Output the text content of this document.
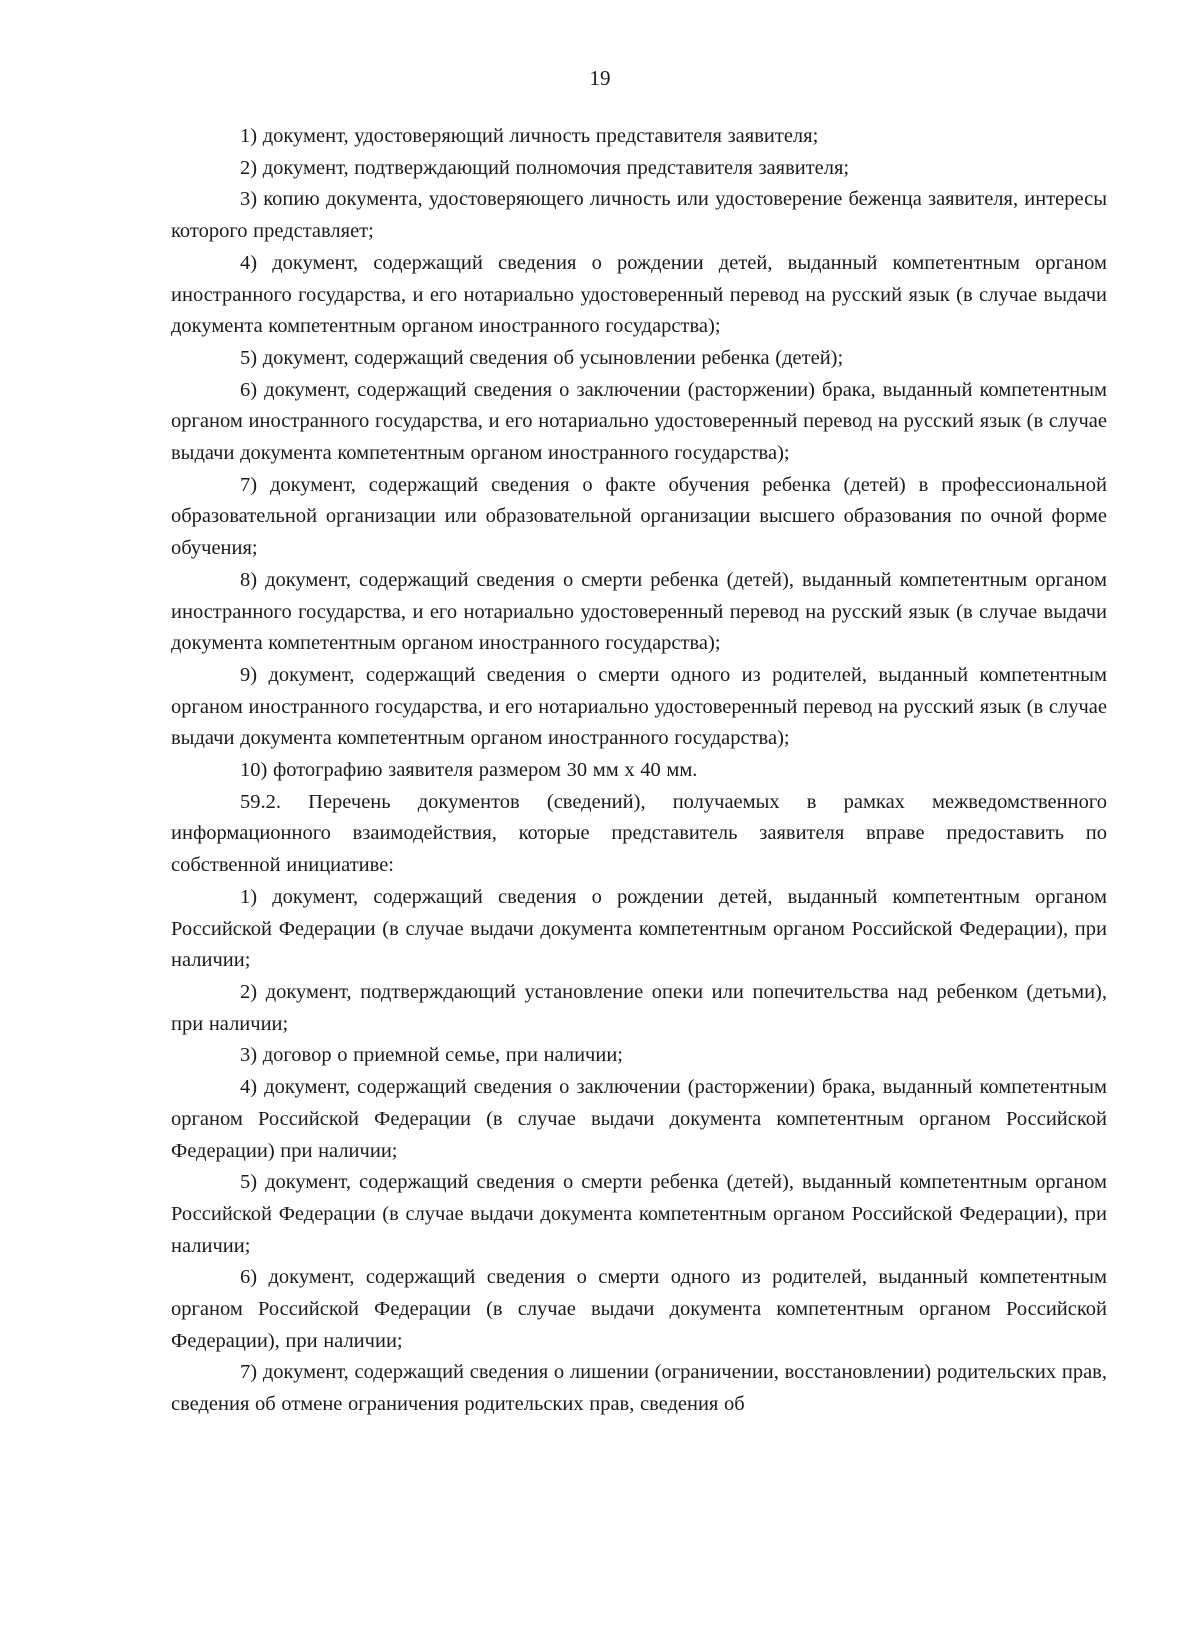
19

1) документ, удостоверяющий личность представителя заявителя;

2) документ, подтверждающий полномочия представителя заявителя;

3) копию документа, удостоверяющего личность или удостоверение беженца заявителя, интересы которого представляет;

4) документ, содержащий сведения о рождении детей, выданный компетентным органом иностранного государства, и его нотариально удостоверенный перевод на русский язык (в случае выдачи документа компетентным органом иностранного государства);

5) документ, содержащий сведения об усыновлении ребенка (детей);

6) документ, содержащий сведения о заключении (расторжении) брака, выданный компетентным органом иностранного государства, и его нотариально удостоверенный перевод на русский язык (в случае выдачи документа компетентным органом иностранного государства);

7) документ, содержащий сведения о факте обучения ребенка (детей) в профессиональной образовательной организации или образовательной организации высшего образования по очной форме обучения;

8) документ, содержащий сведения о смерти ребенка (детей), выданный компетентным органом иностранного государства, и его нотариально удостоверенный перевод на русский язык (в случае выдачи документа компетентным органом иностранного государства);

9) документ, содержащий сведения о смерти одного из родителей, выданный компетентным органом иностранного государства, и его нотариально удостоверенный перевод на русский язык (в случае выдачи документа компетентным органом иностранного государства);

10) фотографию заявителя размером 30 мм х 40 мм.

59.2. Перечень документов (сведений), получаемых в рамках межведомственного информационного взаимодействия, которые представитель заявителя вправе предоставить по собственной инициативе:

1) документ, содержащий сведения о рождении детей, выданный компетентным органом Российской Федерации (в случае выдачи документа компетентным органом Российской Федерации), при наличии;

2) документ, подтверждающий установление опеки или попечительства над ребенком (детьми), при наличии;

3) договор о приемной семье, при наличии;

4) документ, содержащий сведения о заключении (расторжении) брака, выданный компетентным органом Российской Федерации (в случае выдачи документа компетентным органом Российской Федерации) при наличии;

5) документ, содержащий сведения о смерти ребенка (детей), выданный компетентным органом Российской Федерации (в случае выдачи документа компетентным органом Российской Федерации), при наличии;

6) документ, содержащий сведения о смерти одного из родителей, выданный компетентным органом Российской Федерации (в случае выдачи документа компетентным органом Российской Федерации), при наличии;

7) документ, содержащий сведения о лишении (ограничении, восстановлении) родительских прав, сведения об отмене ограничения родительских прав, сведения об
